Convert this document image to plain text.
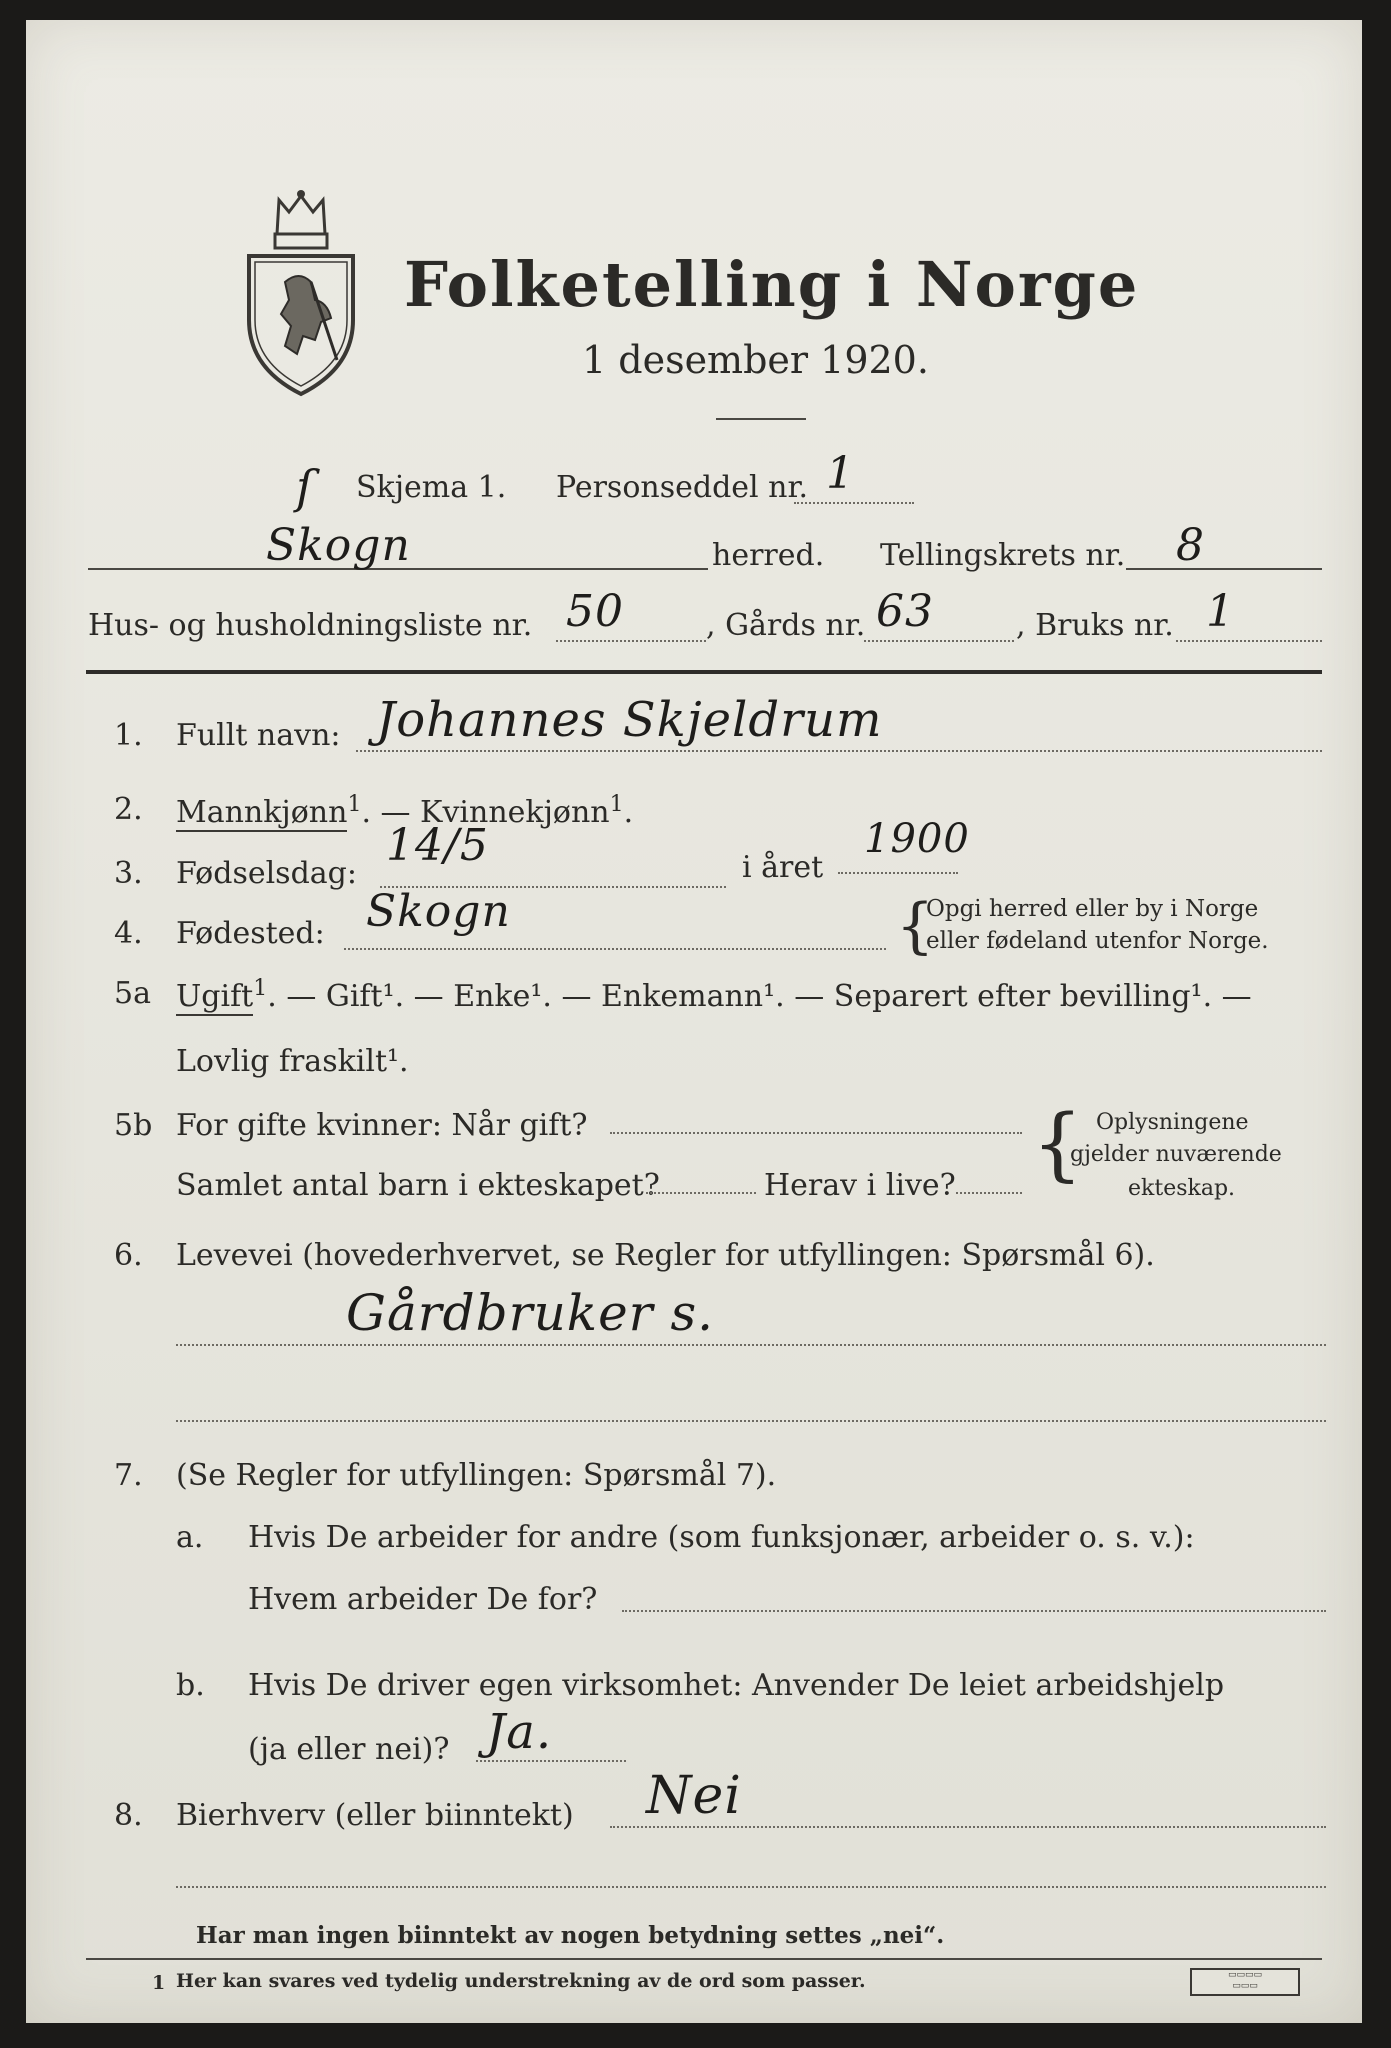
Folketelling i Norge
1 desember 1920.
ſ Skjema 1. Personseddel nr. 1
Skogn	herred. Tellingskrets nr. 8
Hus- og husholdningsliste nr. 50	, Gårds nr. 63	, Bruks nr. 1
1. Fullt navn: Johannes Skjeldrum
2. Mannkjønn$^1$. — Kvinnekjønn$^1$.
3. Fødselsdag:
14/5	i året
1900
4. Fødested: Skogn	{
Opgi herred eller by i Norge
eller fødeland utenfor Norge.
5a Ugift$^1$. — Gift¹. — Enke¹. — Enkemann¹. — Separert efter bevilling¹. —
Lovlig fraskilt¹.
5b For gifte kvinner: Når gift?
Samlet antal barn i ekteskapet?	Herav i live? { Oplysningene
gjelder nuværende
ekteskap.
6. Levevei (hovederhvervet, se Regler for utfyllingen: Spørsmål 6).
Gårdbruker s.
7. (Se Regler for utfyllingen: Spørsmål 7).
a. Hvis De arbeider for andre (som funksjonær, arbeider o. s. v.):
Hvem arbeider De for?
b. Hvis De driver egen virksomhet: Anvender De leiet arbeidshjelp
(ja eller nei)? Ja.
8. Bierhverv (eller biinntekt) Nei
Har man ingen biinntekt av nogen betydning settes „nei“.
1 Her kan svares ved tydelig understrekning av de ord som passer.	▭▭▭▭
▭▭▭
